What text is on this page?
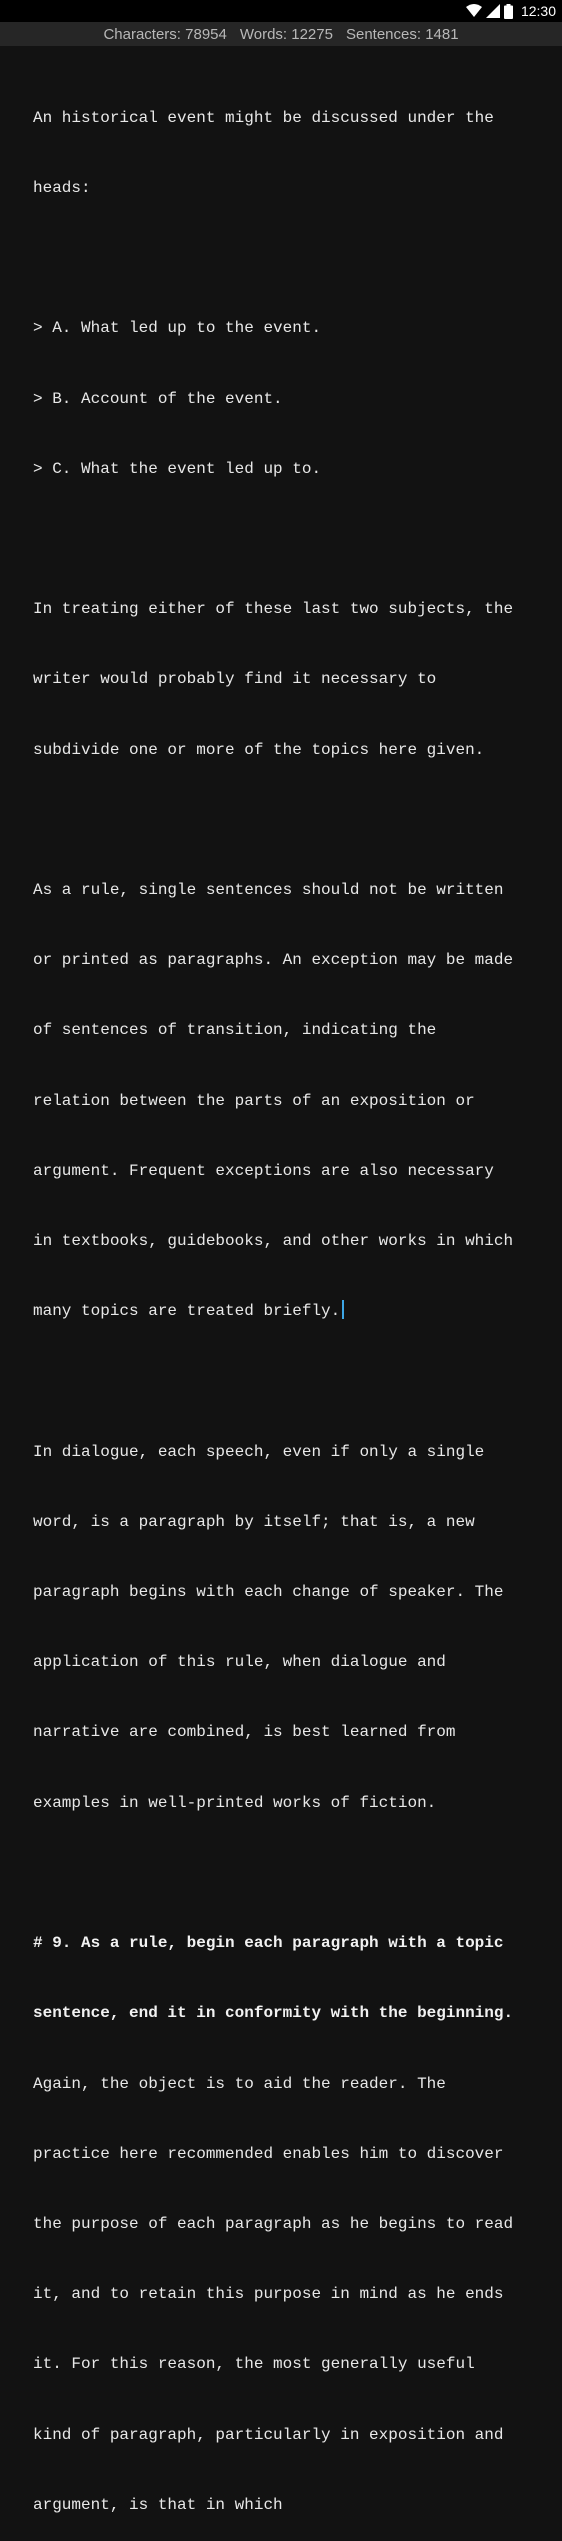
12:30
Characters: 78954 Words: 12275 Sentences: 1481

An historical event might be discussed under the

heads:

> A. What led up to the event.

> B. Account of the event.

> C. What the event led up to.

In treating either of these last two subjects, the

writer would probably find it necessary to

subdivide one or more of the topics here given.

As a rule, single sentences should not be written

or printed as paragraphs. An exception may be made

of sentences of transition, indicating the

relation between the parts of an exposition or

argument. Frequent exceptions are also necessary

in textbooks, guidebooks, and other works in which

many topics are treated briefly.

In dialogue, each speech, even if only a single

word, is a paragraph by itself; that is, a new

paragraph begins with each change of speaker. The

application of this rule, when dialogue and

narrative are combined, is best learned from

examples in well-printed works of fiction.

# 9. As a rule, begin each paragraph with a topic

sentence, end it in conformity with the beginning.

Again, the object is to aid the reader. The

practice here recommended enables him to discover

the purpose of each paragraph as he begins to read

it, and to retain this purpose in mind as he ends

it. For this reason, the most generally useful

kind of paragraph, particularly in exposition and

argument, is that in which
